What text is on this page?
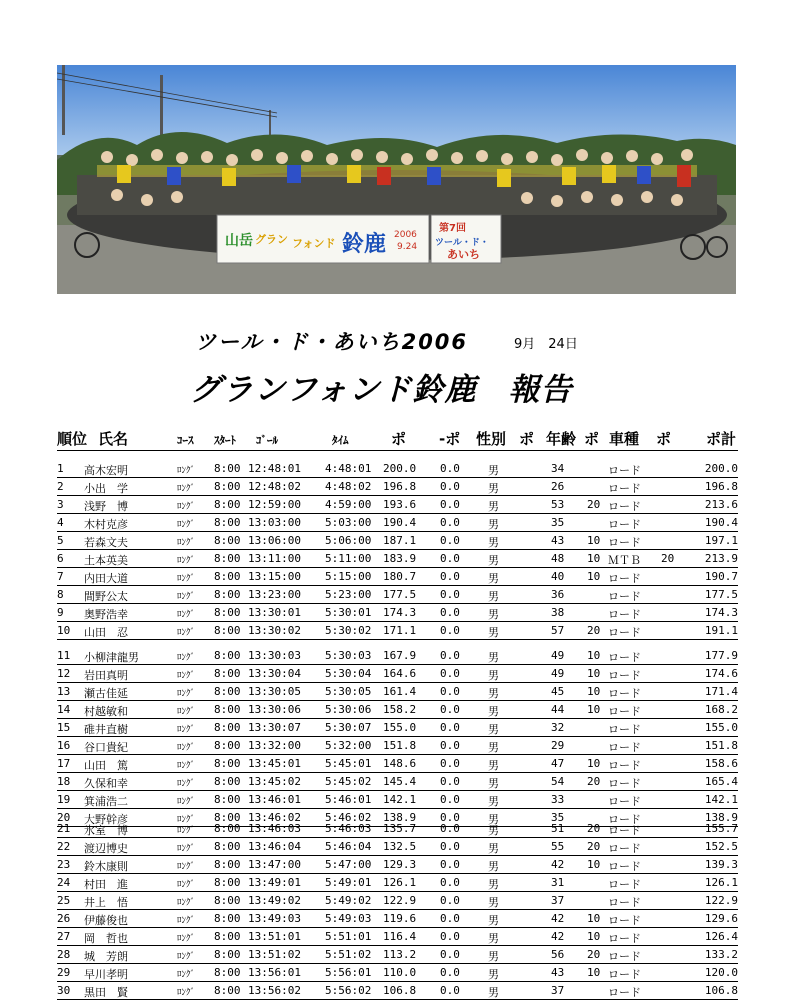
山岳 グラン フォンド 鈴鹿 2006
9.24
第7回
ツール・ド・
あいち
ツール・ド・あいち2006	9月　24日
グランフォンド鈴鹿　報告
順位 氏名	ｺｰｽ ｽﾀｰﾄ ｺﾞｰﾙ	ﾀｲﾑ	ポ -ポ 性別 ポ 年齢 ポ 車種 ポ ポ計
1 高木宏明	ﾛﾝｸﾞ 8:00 12:48:01 4:48:01 200.0 0.0	男	34	ロード	200.0
2 小出　学	ﾛﾝｸﾞ 8:00 12:48:02 4:48:02 196.8 0.0	男	26	ロード	196.8
3 浅野　博	ﾛﾝｸﾞ 8:00 12:59:00 4:59:00 193.6 0.0	男	53 20 ロード	213.6
4 木村克彦	ﾛﾝｸﾞ 8:00 13:03:00 5:03:00 190.4 0.0	男	35	ロード	190.4
5 若森文夫	ﾛﾝｸﾞ 8:00 13:06:00 5:06:00 187.1 0.0	男	43 10 ロード	197.1
6 土本英美	ﾛﾝｸﾞ 8:00 13:11:00 5:11:00 183.9 0.0	男	48 10 ＭＴＢ 20	213.9
7 内田大道	ﾛﾝｸﾞ 8:00 13:15:00 5:15:00 180.7 0.0	男	40 10 ロード	190.7
8 間野公太	ﾛﾝｸﾞ 8:00 13:23:00 5:23:00 177.5 0.0	男	36	ロード	177.5
9 奥野浩幸	ﾛﾝｸﾞ 8:00 13:30:01 5:30:01 174.3 0.0	男	38	ロード	174.3
10 山田　忍	ﾛﾝｸﾞ 8:00 13:30:02 5:30:02 171.1 0.0	男	57 20 ロード	191.1
11 小柳津龍男	ﾛﾝｸﾞ 8:00 13:30:03 5:30:03 167.9 0.0	男	49 10 ロード	177.9
12 岩田真明	ﾛﾝｸﾞ 8:00 13:30:04 5:30:04 164.6 0.0	男	49 10 ロード	174.6
13 瀬古佳延	ﾛﾝｸﾞ 8:00 13:30:05 5:30:05 161.4 0.0	男	45 10 ロード	171.4
14 村越敏和	ﾛﾝｸﾞ 8:00 13:30:06 5:30:06 158.2 0.0	男	44 10 ロード	168.2
15 碓井直樹	ﾛﾝｸﾞ 8:00 13:30:07 5:30:07 155.0 0.0	男	32	ロード	155.0
16 谷口貴紀	ﾛﾝｸﾞ 8:00 13:32:00 5:32:00 151.8 0.0	男	29	ロード	151.8
17 山田　篤	ﾛﾝｸﾞ 8:00 13:45:01 5:45:01 148.6 0.0	男	47 10 ロード	158.6
18 久保和幸	ﾛﾝｸﾞ 8:00 13:45:02 5:45:02 145.4 0.0	男	54 20 ロード	165.4
19 箕浦浩二	ﾛﾝｸﾞ 8:00 13:46:01 5:46:01 142.1 0.0	男	33	ロード	142.1
20 大野幹彦	ﾛﾝｸﾞ 8:00 13:46:02 5:46:02 138.9 0.0	男	35	ロード	138.9
21 氷室　博	ﾛﾝｸﾞ 8:00 13:46:03 5:46:03 135.7 0.0	男	51 20 ロード	155.7
22 渡辺博史	ﾛﾝｸﾞ 8:00 13:46:04 5:46:04 132.5 0.0	男	55 20 ロード	152.5
23 鈴木康則	ﾛﾝｸﾞ 8:00 13:47:00 5:47:00 129.3 0.0	男	42 10 ロード	139.3
24 村田　進	ﾛﾝｸﾞ 8:00 13:49:01 5:49:01 126.1 0.0	男	31	ロード	126.1
25 井上　悟	ﾛﾝｸﾞ 8:00 13:49:02 5:49:02 122.9 0.0	男	37	ロード	122.9
26 伊藤俊也	ﾛﾝｸﾞ 8:00 13:49:03 5:49:03 119.6 0.0	男	42 10 ロード	129.6
27 岡　哲也	ﾛﾝｸﾞ 8:00 13:51:01 5:51:01 116.4 0.0	男	42 10 ロード	126.4
28 城　芳朗	ﾛﾝｸﾞ 8:00 13:51:02 5:51:02 113.2 0.0	男	56 20 ロード	133.2
29 早川孝明	ﾛﾝｸﾞ 8:00 13:56:01 5:56:01 110.0 0.0	男	43 10 ロード	120.0
30 黒田　賢	ﾛﾝｸﾞ 8:00 13:56:02 5:56:02 106.8 0.0	男	37	ロード	106.8
